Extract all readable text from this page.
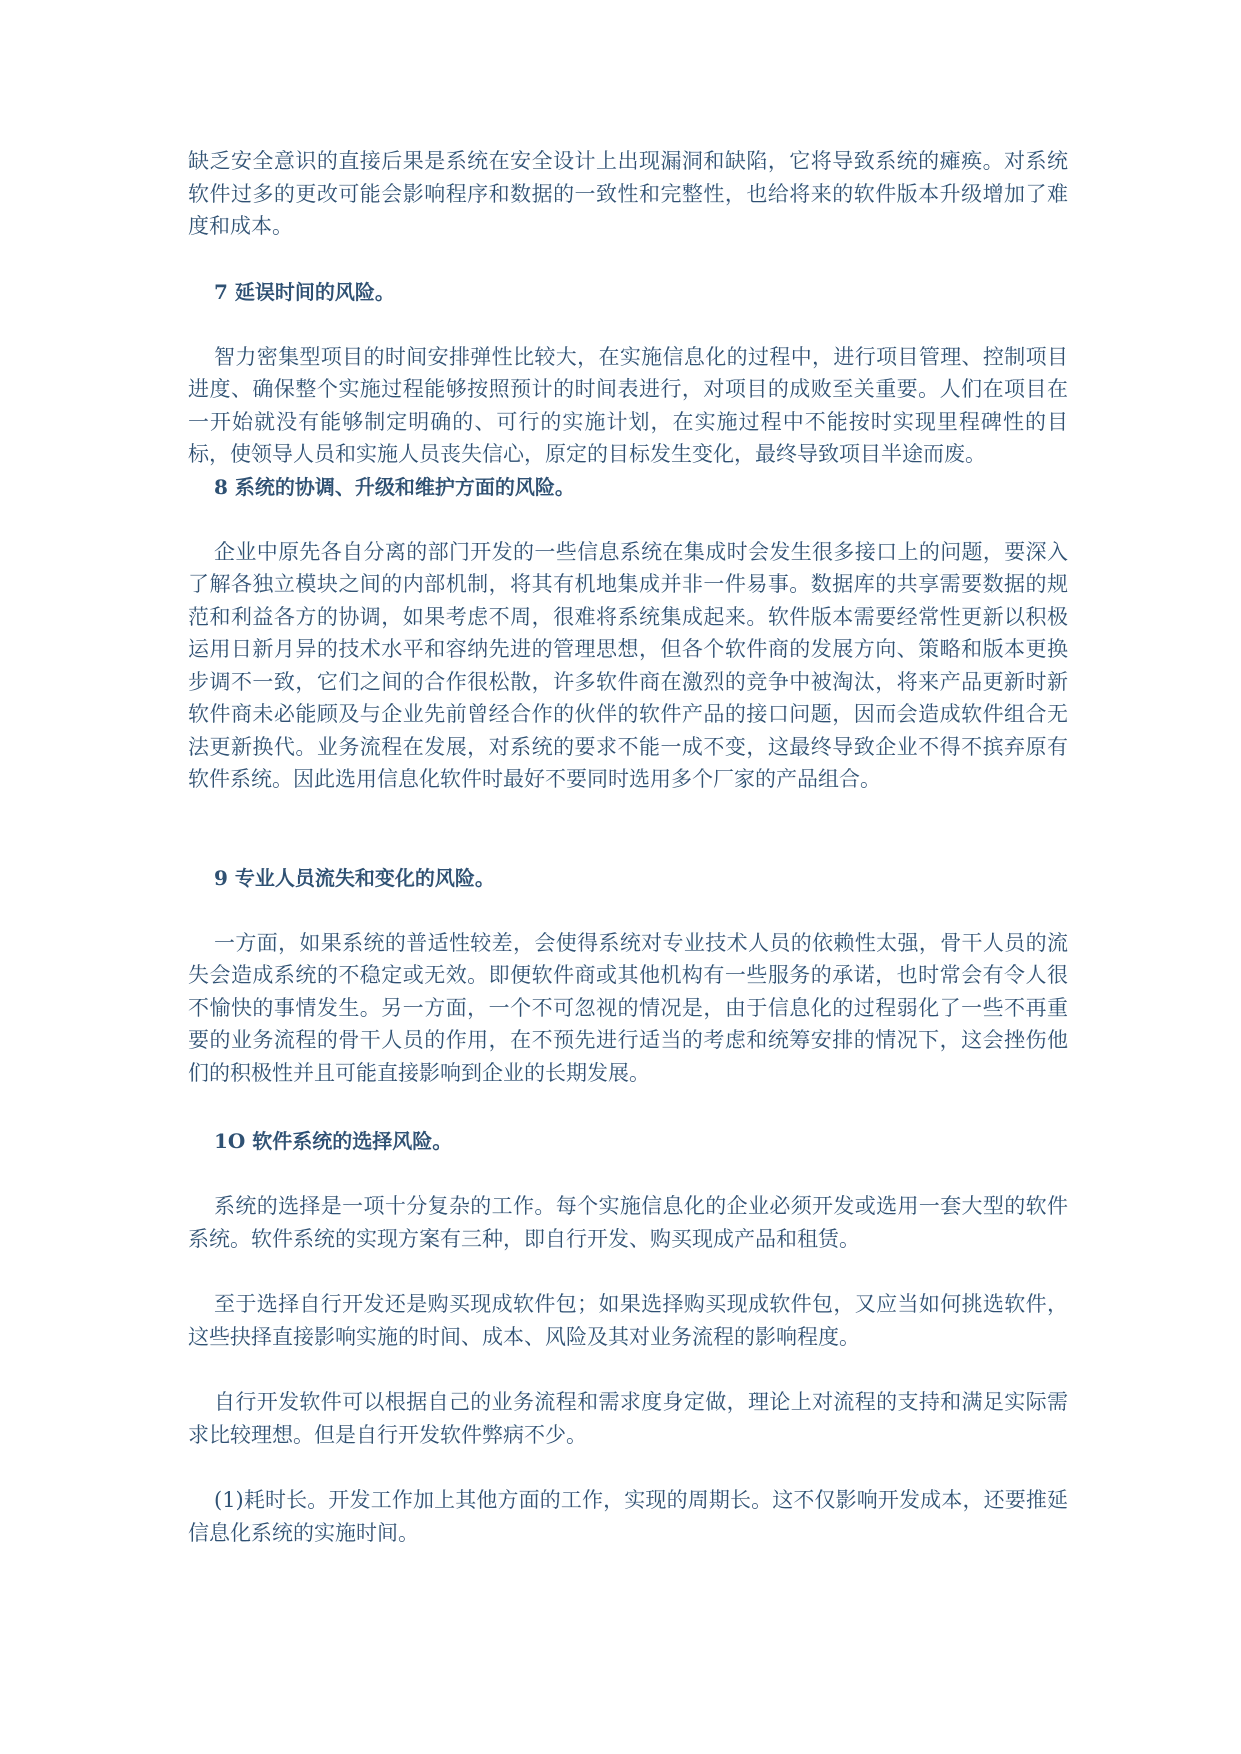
缺乏安全意识的直接后果是系统在安全设计上出现漏洞和缺陷，它将导致系统的瘫痪。对系统软件过多的更改可能会影响程序和数据的一致性和完整性，也给将来的软件版本升级增加了难度和成本。

7 延误时间的风险。

智力密集型项目的时间安排弹性比较大，在实施信息化的过程中，进行项目管理、控制项目进度、确保整个实施过程能够按照预计的时间表进行，对项目的成败至关重要。人们在项目在一开始就没有能够制定明确的、可行的实施计划，在实施过程中不能按时实现里程碑性的目标，使领导人员和实施人员丧失信心，原定的目标发生变化，最终导致项目半途而废。

8 系统的协调、升级和维护方面的风险。

企业中原先各自分离的部门开发的一些信息系统在集成时会发生很多接口上的问题，要深入了解各独立模块之间的内部机制，将其有机地集成并非一件易事。数据库的共享需要数据的规范和利益各方的协调，如果考虑不周，很难将系统集成起来。软件版本需要经常性更新以积极运用日新月异的技术水平和容纳先进的管理思想，但各个软件商的发展方向、策略和版本更换步调不一致，它们之间的合作很松散，许多软件商在激烈的竞争中被淘汰，将来产品更新时新软件商未必能顾及与企业先前曾经合作的伙伴的软件产品的接口问题，因而会造成软件组合无法更新换代。业务流程在发展，对系统的要求不能一成不变，这最终导致企业不得不摈弃原有软件系统。因此选用信息化软件时最好不要同时选用多个厂家的产品组合。

9 专业人员流失和变化的风险。

一方面，如果系统的普适性较差，会使得系统对专业技术人员的依赖性太强，骨干人员的流失会造成系统的不稳定或无效。即便软件商或其他机构有一些服务的承诺，也时常会有令人很不愉快的事情发生。另一方面，一个不可忽视的情况是，由于信息化的过程弱化了一些不再重要的业务流程的骨干人员的作用，在不预先进行适当的考虑和统筹安排的情况下，这会挫伤他们的积极性并且可能直接影响到企业的长期发展。

1O 软件系统的选择风险。

系统的选择是一项十分复杂的工作。每个实施信息化的企业必须开发或选用一套大型的软件系统。软件系统的实现方案有三种，即自行开发、购买现成产品和租赁。

至于选择自行开发还是购买现成软件包；如果选择购买现成软件包，又应当如何挑选软件，这些抉择直接影响实施的时间、成本、风险及其对业务流程的影响程度。

自行开发软件可以根据自己的业务流程和需求度身定做，理论上对流程的支持和满足实际需求比较理想。但是自行开发软件弊病不少。

(1)耗时长。开发工作加上其他方面的工作，实现的周期长。这不仅影响开发成本，还要推延信息化系统的实施时间。
